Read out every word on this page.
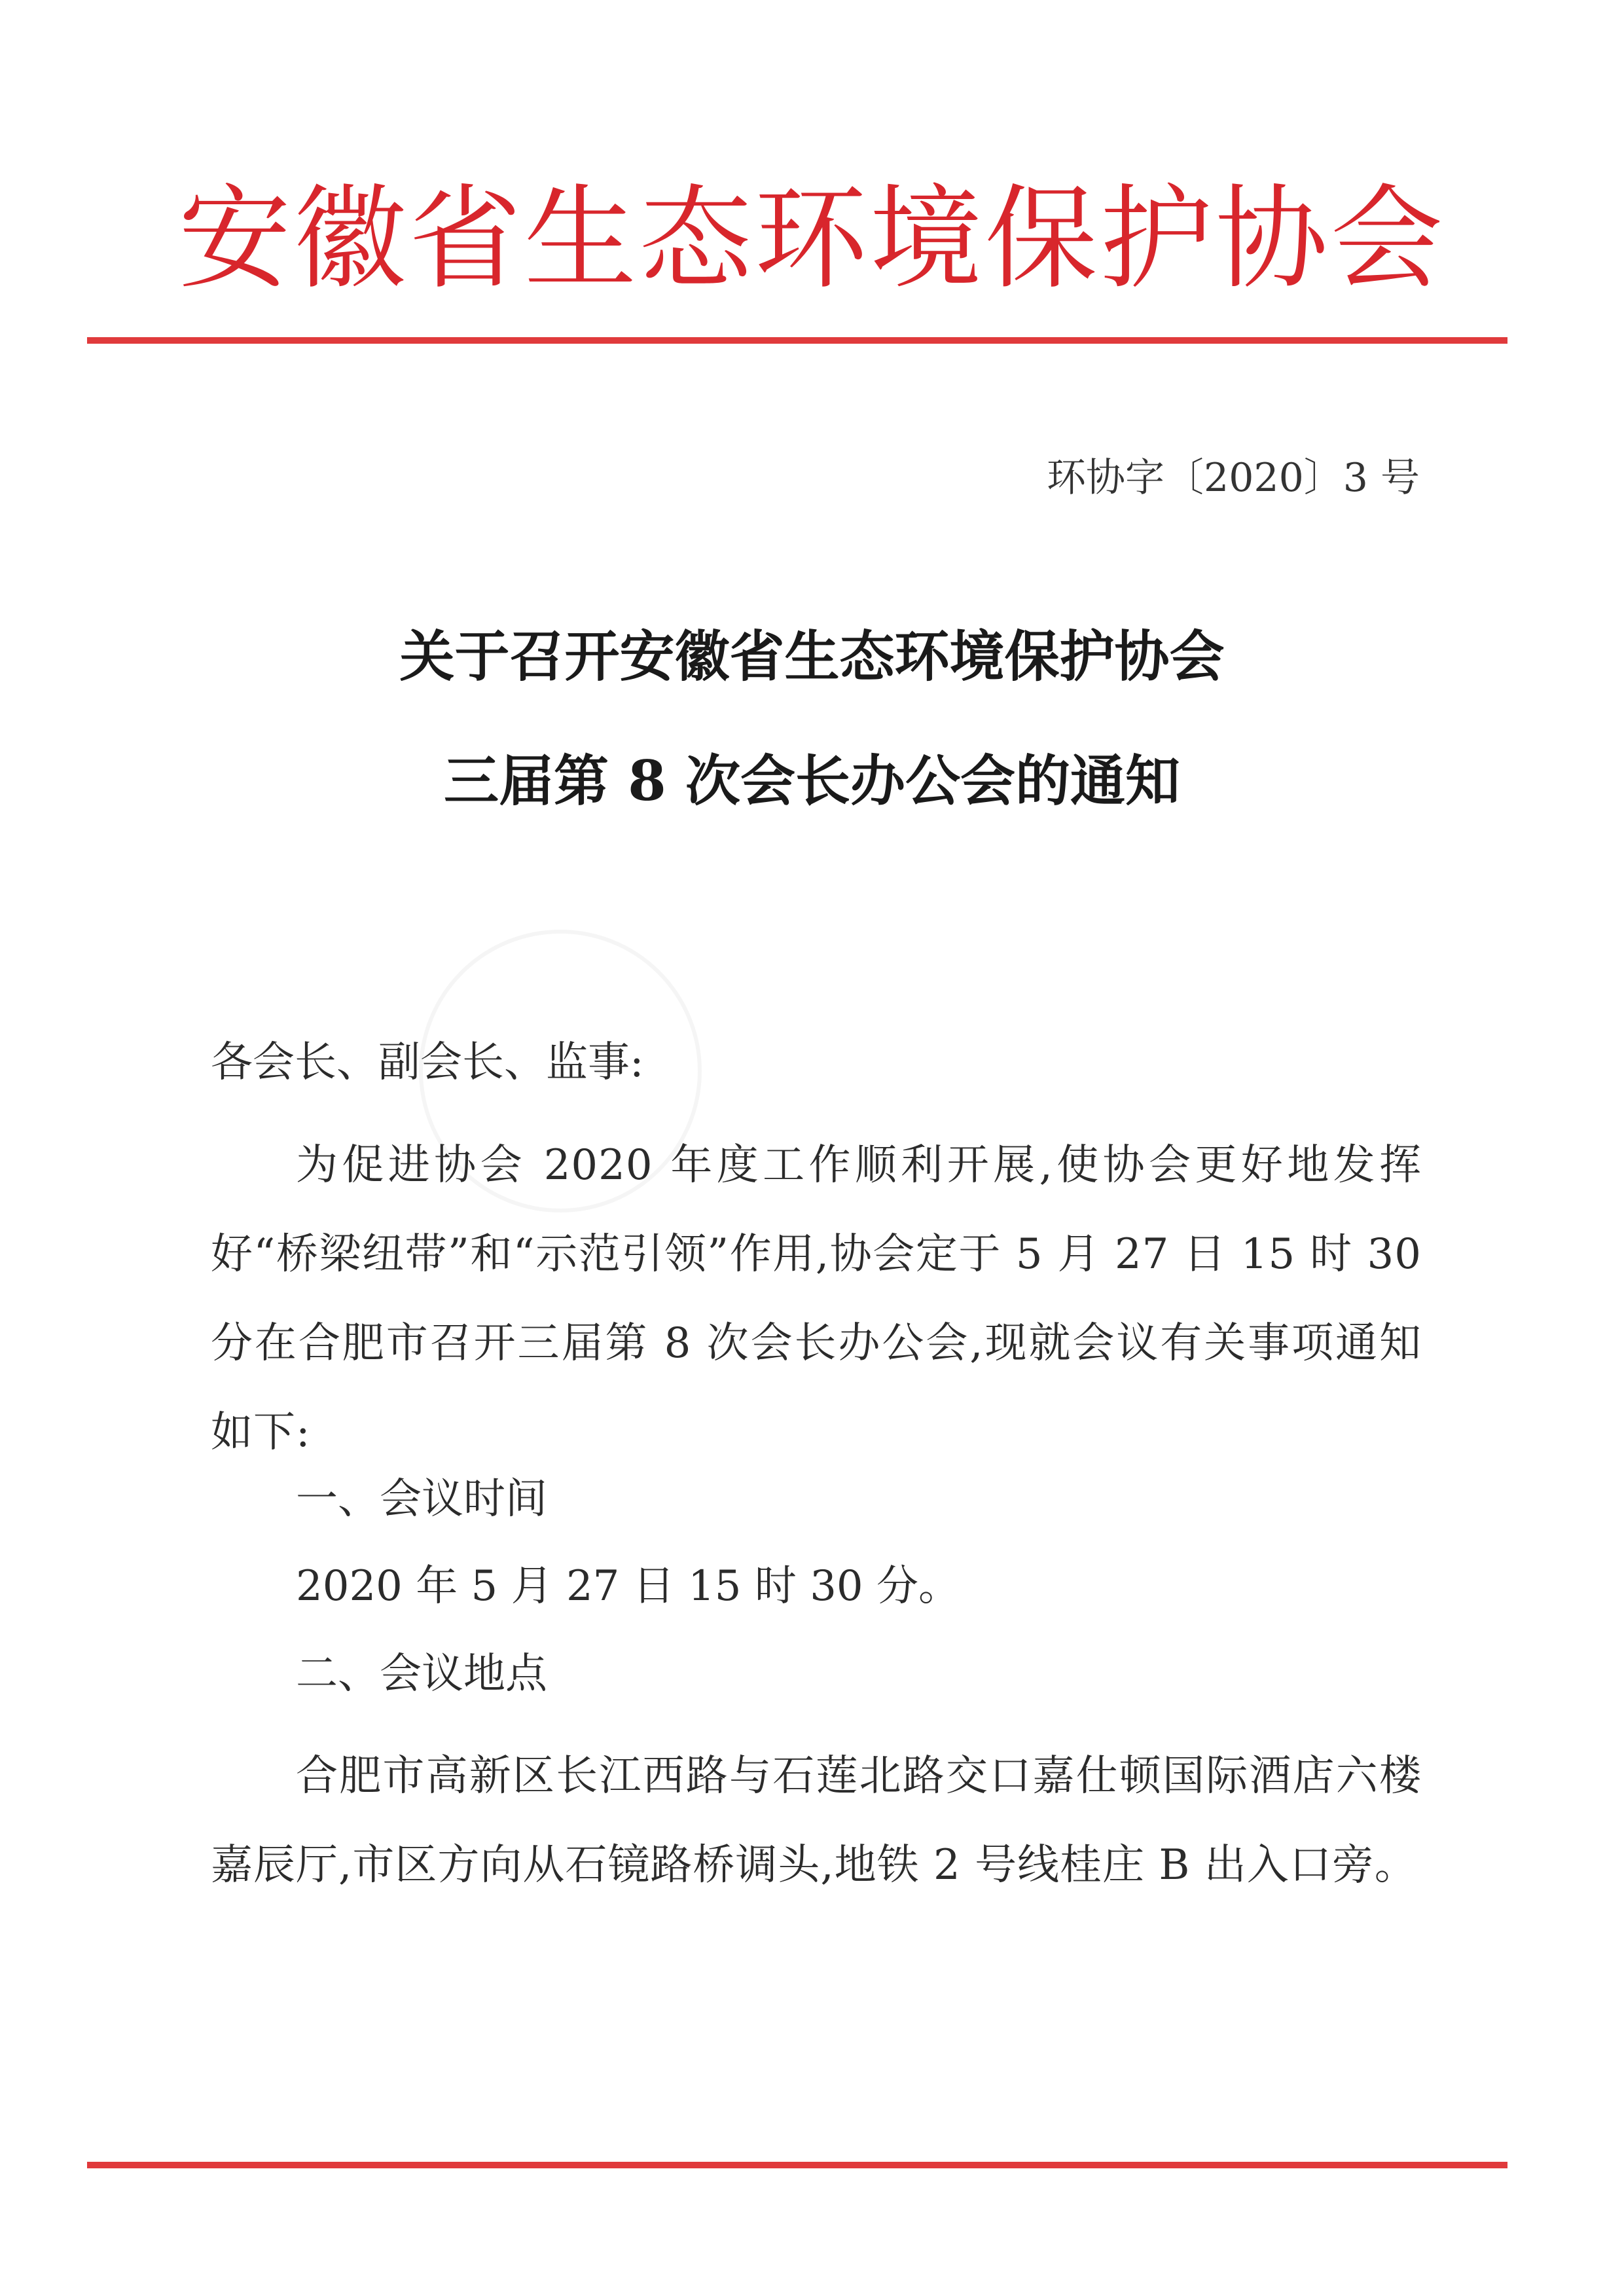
安徽省生态环境保护协会
环协字〔2020〕3 号
关于召开安徽省生态环境保护协会
三届第 8 次会长办公会的通知
各会长、副会长、监事:
为促进协会 2020 年度工作顺利开展,使协会更好地发挥好“桥梁纽带”和“示范引领”作用,协会定于 5 月 27 日 15 时 30 分在合肥市召开三届第 8 次会长办公会,现就会议有关事项通知如下:
一、会议时间
2020 年 5 月 27 日 15 时 30 分。
二、会议地点
合肥市高新区长江西路与石莲北路交口嘉仕顿国际酒店六楼嘉辰厅,市区方向从石镜路桥调头,地铁 2 号线桂庄 B 出入口旁。
